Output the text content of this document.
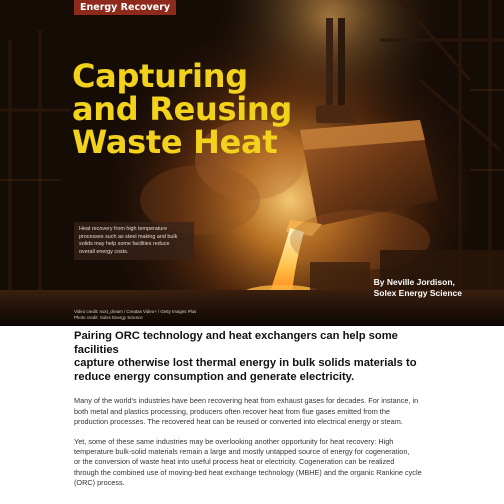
Energy Recovery
Capturing
and Reusing
Waste Heat
Heat recovery from high temperature
processes such as steel making and bulk
solids may help some facilities reduce
overall energy costs.
By Neville Jordison,
Solex Energy Science
Video credit: nuxt_dream / Creatas Video+ / Getty Images Plus
Photo credit: Solex Energy Science

Pairing ORC technology and heat exchangers can help some facilities
capture otherwise lost thermal energy in bulk solids materials to
reduce energy consumption and generate electricity.

Many of the world's industries have been recovering heat from exhaust gases for decades. For instance, in
both metal and plastics processing, producers often recover heat from flue gases emitted from the
production processes. The recovered heat can be reused or converted into electrical energy or steam.

Yet, some of these same industries may be overlooking another opportunity for heat recovery: High
temperature bulk-solid materials remain a large and mostly untapped source of energy for cogeneration,
or the conversion of waste heat into useful process heat or electricity. Cogeneration can be realized
through the combined use of moving-bed heat exchange technology (MBHE) and the organic Rankine cycle
(ORC) process.
